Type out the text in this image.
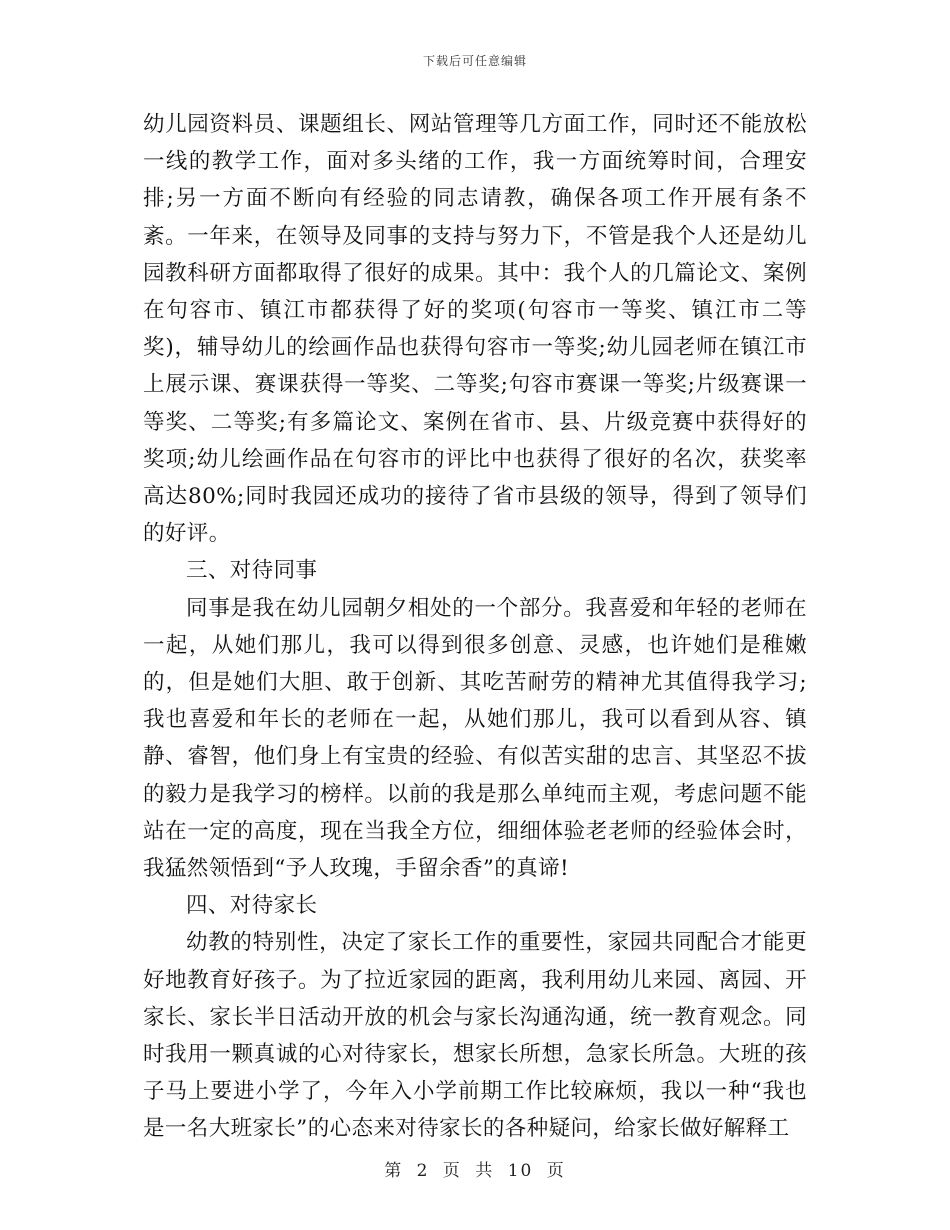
下载后可任意编辑

幼儿园资料员、课题组长、网站管理等几方面工作，同时还不能放松一线的教学工作，面对多头绪的工作，我一方面统筹时间，合理安排;另一方面不断向有经验的同志请教，确保各项工作开展有条不紊。一年来，在领导及同事的支持与努力下，不管是我个人还是幼儿园教科研方面都取得了很好的成果。其中：我个人的几篇论文、案例在句容市、镇江市都获得了好的奖项(句容市一等奖、镇江市二等奖)，辅导幼儿的绘画作品也获得句容市一等奖;幼儿园老师在镇江市上展示课、赛课获得一等奖、二等奖;句容市赛课一等奖;片级赛课一等奖、二等奖;有多篇论文、案例在省市、县、片级竞赛中获得好的奖项;幼儿绘画作品在句容市的评比中也获得了很好的名次，获奖率高达80%;同时我园还成功的接待了省市县级的领导，得到了领导们的好评。

三、对待同事

同事是我在幼儿园朝夕相处的一个部分。我喜爱和年轻的老师在一起，从她们那儿，我可以得到很多创意、灵感，也许她们是稚嫩的，但是她们大胆、敢于创新、其吃苦耐劳的精神尤其值得我学习;我也喜爱和年长的老师在一起，从她们那儿，我可以看到从容、镇静、睿智，他们身上有宝贵的经验、有似苦实甜的忠言、其坚忍不拔的毅力是我学习的榜样。以前的我是那么单纯而主观，考虑问题不能站在一定的高度，现在当我全方位，细细体验老老师的经验体会时，我猛然领悟到“予人玫瑰，手留余香”的真谛!

四、对待家长

幼教的特别性，决定了家长工作的重要性，家园共同配合才能更好地教育好孩子。为了拉近家园的距离，我利用幼儿来园、离园、开家长、家长半日活动开放的机会与家长沟通沟通，统一教育观念。同时我用一颗真诚的心对待家长，想家长所想，急家长所急。大班的孩子马上要进小学了，今年入小学前期工作比较麻烦，我以一种“我也是一名大班家长”的心态来对待家长的各种疑问，给家长做好解释工

第 2 页 共 10 页
